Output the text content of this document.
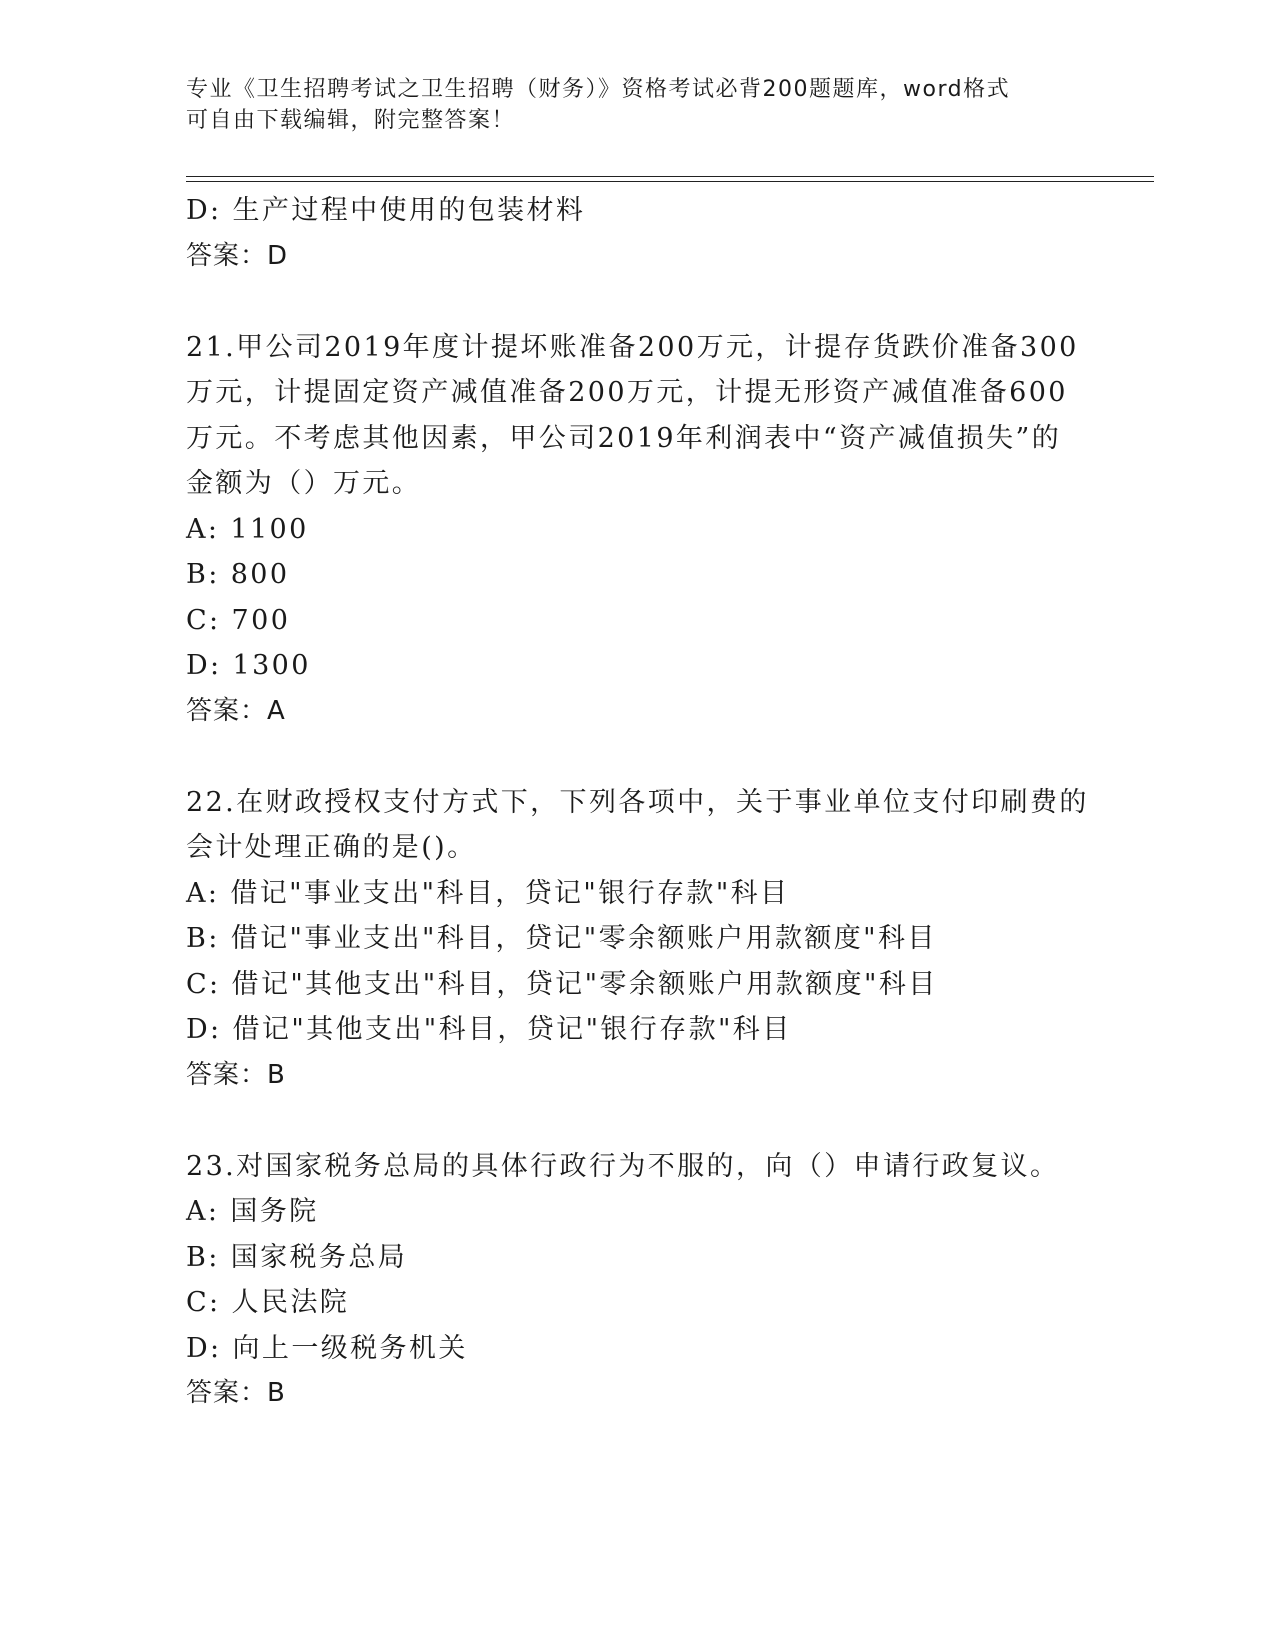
专业《卫生招聘考试之卫生招聘（财务）》资格考试必背200题题库，word格式
可自由下载编辑，附完整答案！
D: 生产过程中使用的包装材料
答案：D
21.甲公司2019年度计提坏账准备200万元，计提存货跌价准备300
万元，计提固定资产减值准备200万元，计提无形资产减值准备600
万元。不考虑其他因素，甲公司2019年利润表中“资产减值损失”的
金额为（）万元。
A: 1100
B: 800
C: 700
D: 1300
答案：A
22.在财政授权支付方式下，下列各项中，关于事业单位支付印刷费的
会计处理正确的是()。
A: 借记"事业支出"科目，贷记"银行存款"科目
B: 借记"事业支出"科目，贷记"零余额账户用款额度"科目
C: 借记"其他支出"科目，贷记"零余额账户用款额度"科目
D: 借记"其他支出"科目，贷记"银行存款"科目
答案：B
23.对国家税务总局的具体行政行为不服的，向（）申请行政复议。
A: 国务院
B: 国家税务总局
C: 人民法院
D: 向上一级税务机关
答案：B
